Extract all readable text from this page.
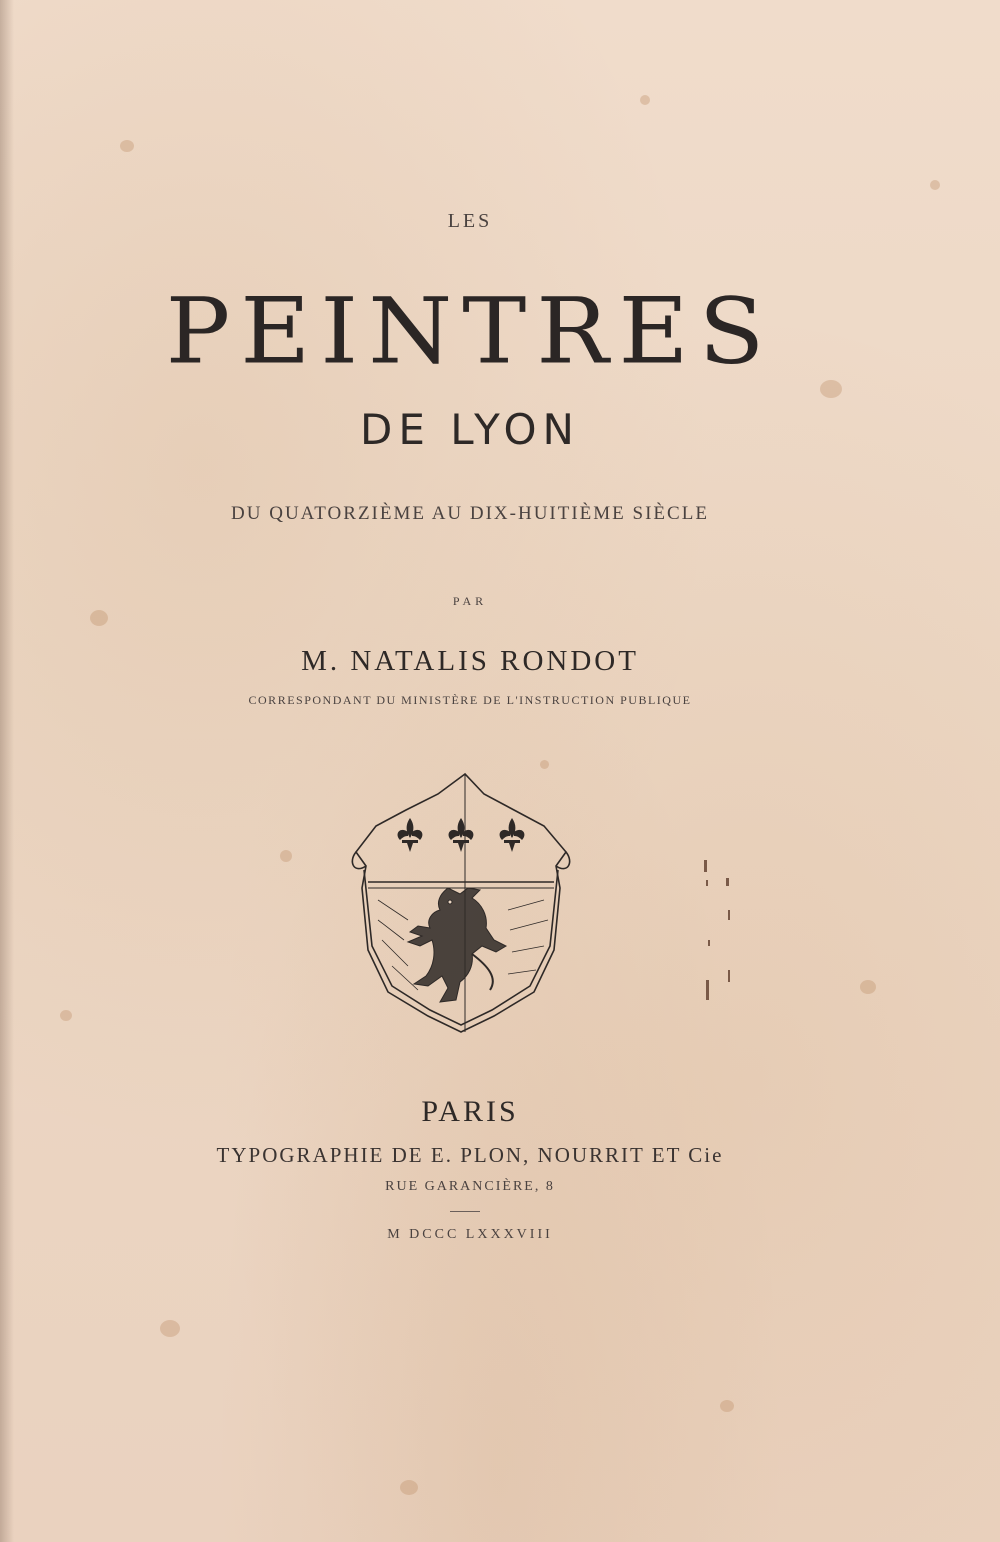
LES
PEINTRES
DE LYON
DU QUATORZIÈME AU DIX-HUITIÈME SIÈCLE
PAR
M. NATALIS RONDOT
CORRESPONDANT DU MINISTÈRE DE L'INSTRUCTION PUBLIQUE
PARIS
TYPOGRAPHIE DE E. PLON, NOURRIT ET Cie
RUE GARANCIÈRE, 8
M DCCC LXXXVIII
